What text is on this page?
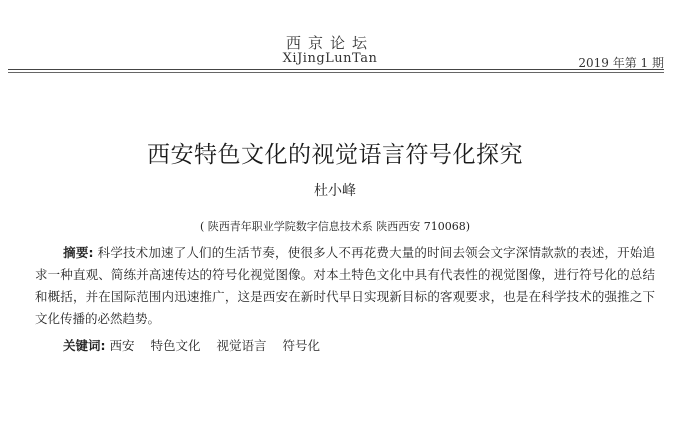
西京论坛
XiJingLunTan	2019 年第 1 期
西安特色文化的视觉语言符号化探究
杜小峰
( 陕西青年职业学院数字信息技术系 陕西西安 710068)
摘要: 科学技术加速了人们的生活节奏，使很多人不再花费大量的时间去领会文字深情款款的表述，开始追求一种直观、简练并高速传达的符号化视觉图像。对本土特色文化中具有代表性的视觉图像，进行符号化的总结和概括，并在国际范围内迅速推广，这是西安在新时代早日实现新目标的客观要求，也是在科学技术的强推之下文化传播的必然趋势。
关键词: 西安 特色文化 视觉语言 符号化
